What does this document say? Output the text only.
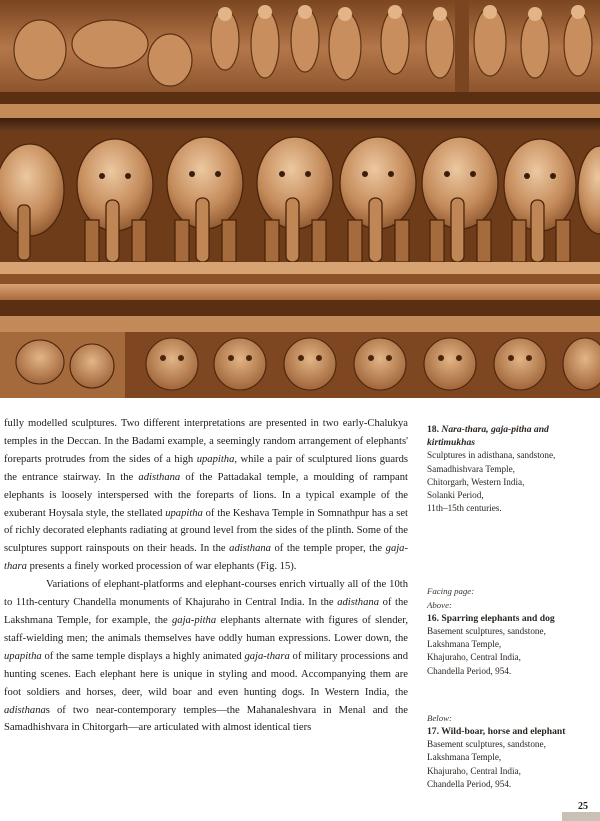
fully modelled sculptures. Two different interpretations are presented in two early-Chalukya temples in the Deccan. In the Badami example, a seemingly random arrangement of elephants' foreparts protrudes from the sides of a high upapitha, while a pair of sculptured lions guards the entrance stairway. In the adisthana of the Pattadakal temple, a moulding of rampant elephants is loosely interspersed with the foreparts of lions. In a typical example of the exuberant Hoysala style, the stellated upapitha of the Keshava Temple in Somnathpur has a set of richly decorated elephants radiating at ground level from the sides of the plinth. Some of the sculptures support rainspouts on their heads. In the adisthana of the temple proper, the gaja-thara presents a finely worked procession of war elephants (Fig. 15).

Variations of elephant-platforms and elephant-courses enrich virtually all of the 10th to 11th-century Chandella monuments of Khajuraho in Central India. In the adisthana of the Lakshmana Temple, for example, the gaja-pitha elephants alternate with figures of slender, staff-wielding men; the animals themselves have oddly human expressions. Lower down, the upapitha of the same temple displays a highly animated gaja-thara of military processions and hunting scenes. Each elephant here is unique in styling and mood. Accompanying them are foot soldiers and horses, deer, wild boar and even hunting dogs. In Western India, the adisthanas of two near-contemporary temples—the Mahanaleshvara in Menal and the Samadhishvara in Chitorgarh—are articulated with almost identical tiers

18. Nara-thara, gaja-pitha and kirtimukhas
Sculptures in adisthana, sandstone,
Samadhishvara Temple,
Chitorgarh, Western India,
Solanki Period,
11th–15th centuries.
Facing page:
Above:
16. Sparring elephants and dog
Basement sculptures, sandstone,
Lakshmana Temple,
Khajuraho, Central India,
Chandella Period, 954.
Below:
17. Wild-boar, horse and elephant
Basement sculptures, sandstone,
Lakshmana Temple,
Khajuraho, Central India,
Chandella Period, 954.
25
